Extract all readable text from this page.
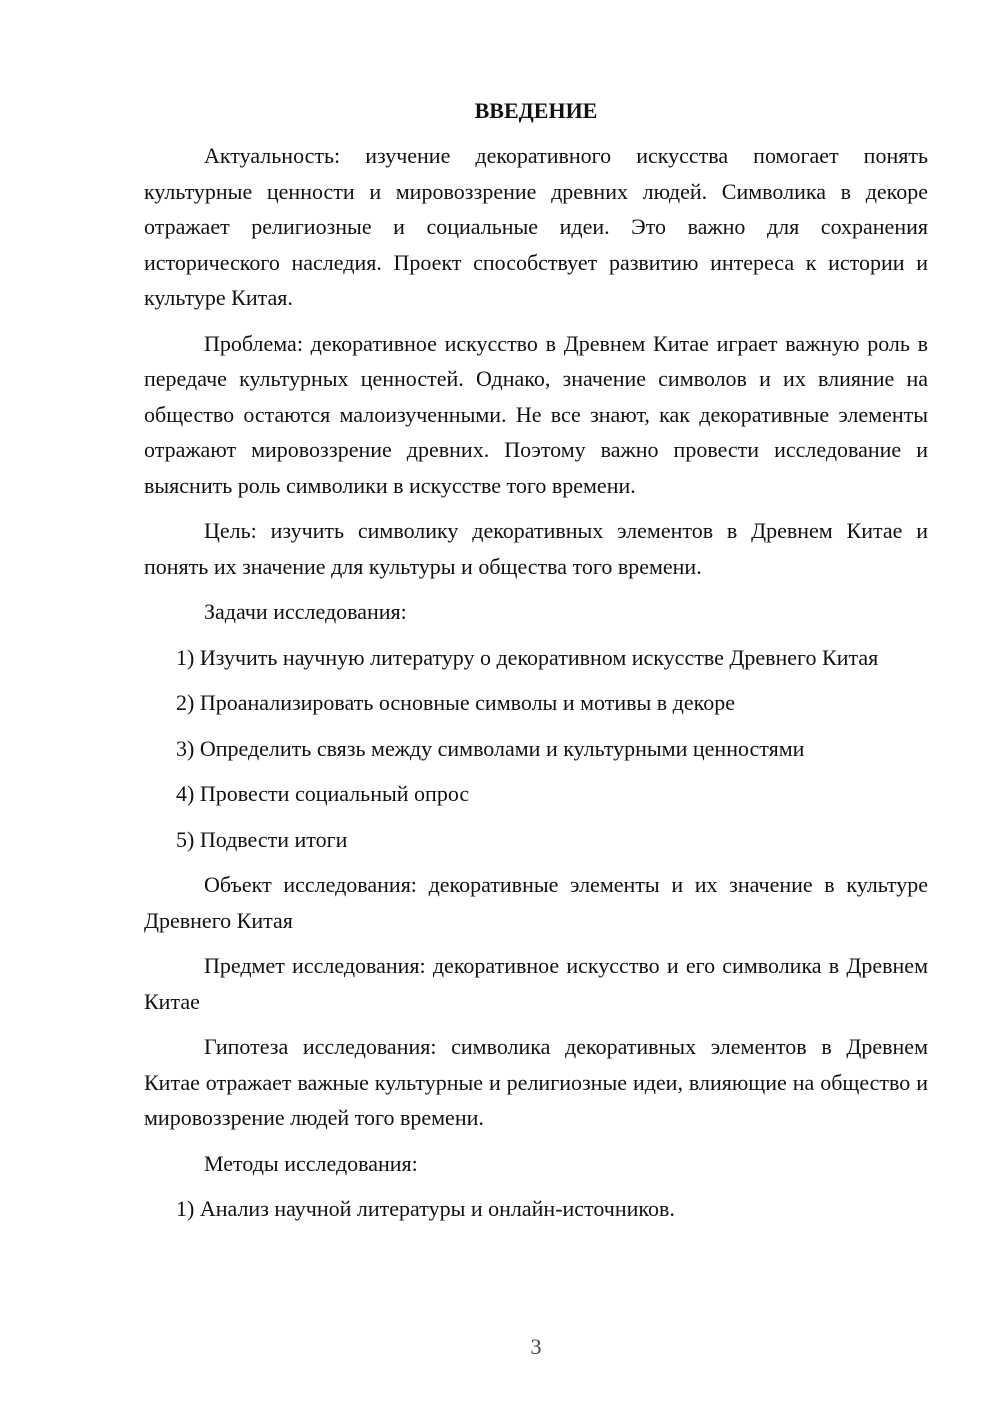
ВВЕДЕНИЕ

Актуальность: изучение декоративного искусства помогает понять культурные ценности и мировоззрение древних людей. Символика в декоре отражает религиозные и социальные идеи. Это важно для сохранения исторического наследия. Проект способствует развитию интереса к истории и культуре Китая.

Проблема: декоративное искусство в Древнем Китае играет важную роль в передаче культурных ценностей. Однако, значение символов и их влияние на общество остаются малоизученными. Не все знают, как декоративные элементы отражают мировоззрение древних. Поэтому важно провести исследование и выяснить роль символики в искусстве того времени.

Цель: изучить символику декоративных элементов в Древнем Китае и понять их значение для культуры и общества того времени.

Задачи исследования:

1) Изучить научную литературу о декоративном искусстве Древнего Китая

2) Проанализировать основные символы и мотивы в декоре

3) Определить связь между символами и культурными ценностями

4) Провести социальный опрос

5) Подвести итоги

Объект исследования: декоративные элементы и их значение в культуре Древнего Китая

Предмет исследования: декоративное искусство и его символика в Древнем Китае

Гипотеза исследования: символика декоративных элементов в Древнем Китае отражает важные культурные и религиозные идеи, влияющие на общество и мировоззрение людей того времени.

Методы исследования:

1) Анализ научной литературы и онлайн-источников.

3
